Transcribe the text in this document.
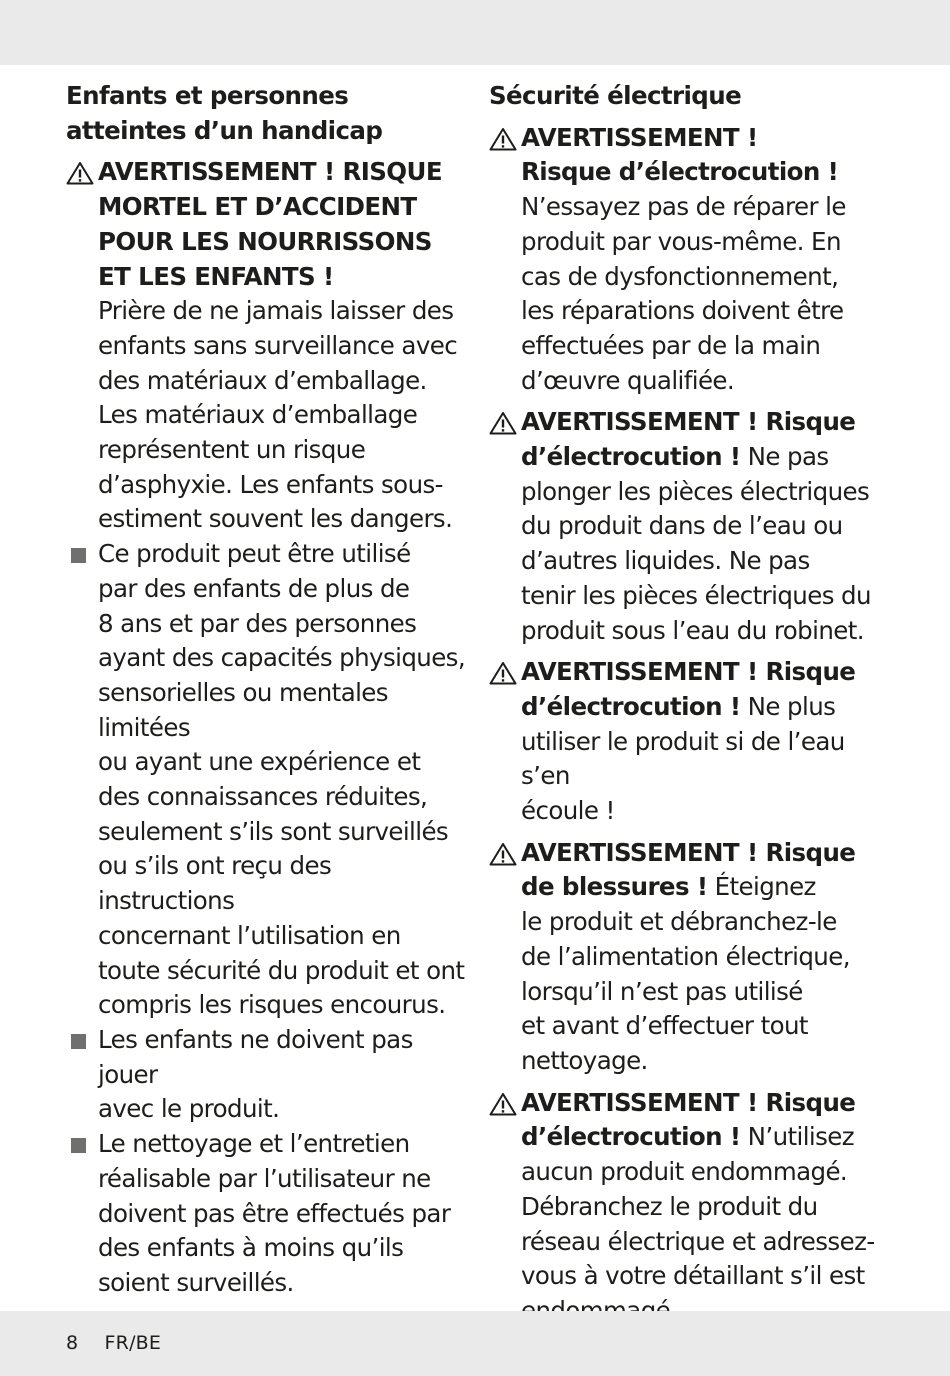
Enfants et personnes
atteintes d’un handicap

AVERTISSEMENT ! RISQUE
MORTEL ET D’ACCIDENT
POUR LES NOURRISSONS
ET LES ENFANTS !
Prière de ne jamais laisser des
enfants sans surveillance avec
des matériaux d’emballage.
Les matériaux d’emballage
représentent un risque
d’asphyxie. Les enfants sous-
estiment souvent les dangers.
Ce produit peut être utilisé
par des enfants de plus de
8 ans et par des personnes
ayant des capacités physiques,
sensorielles ou mentales limitées
ou ayant une expérience et
des connaissances réduites,
seulement s’ils sont surveillés
ou s’ils ont reçu des instructions
concernant l’utilisation en
toute sécurité du produit et ont
compris les risques encourus.
Les enfants ne doivent pas jouer
avec le produit.
Le nettoyage et l’entretien
réalisable par l’utilisateur ne
doivent pas être effectués par
des enfants à moins qu’ils
soient surveillés.

Sécurité électrique

AVERTISSEMENT !
Risque d’électrocution !
N’essayez pas de réparer le
produit par vous-même. En
cas de dysfonctionnement,
les réparations doivent être
effectuées par de la main
d’œuvre qualifiée.
AVERTISSEMENT ! Risque
d’électrocution ! Ne pas
plonger les pièces électriques
du produit dans de l’eau ou
d’autres liquides. Ne pas
tenir les pièces électriques du
produit sous l’eau du robinet.
AVERTISSEMENT ! Risque
d’électrocution ! Ne plus
utiliser le produit si de l’eau s’en
écoule !
AVERTISSEMENT ! Risque
de blessures ! Éteignez
le produit et débranchez-le
de l’alimentation électrique,
lorsqu’il n’est pas utilisé
et avant d’effectuer tout
nettoyage.
AVERTISSEMENT ! Risque
d’électrocution ! N’utilisez
aucun produit endommagé.
Débranchez le produit du
réseau électrique et adressez-
vous à votre détaillant s’il est
8 FR/BE
